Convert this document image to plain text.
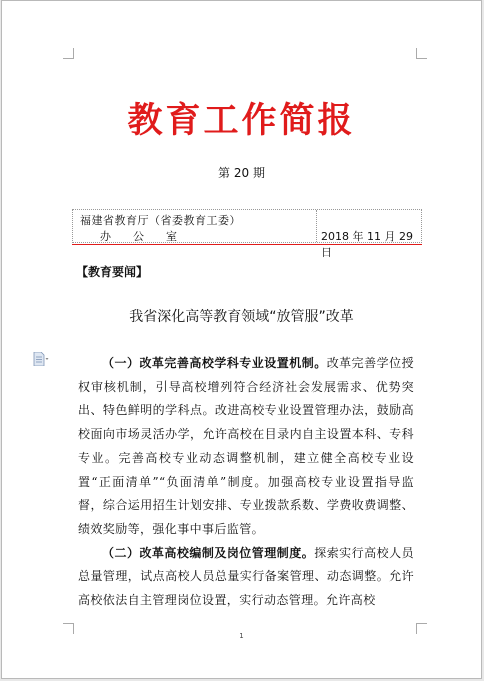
教育工作简报
第 20 期
福建省教育厅（省委教育工委）
办公室	2018 年 11 月 29 日
【教育要闻】
我省深化高等教育领域“放管服”改革

（一）改革完善高校学科专业设置机制。改革完善学位授权审核机制，引导高校增列符合经济社会发展需求、优势突出、特色鲜明的学科点。改进高校专业设置管理办法，鼓励高校面向市场灵活办学，允许高校在目录内自主设置本科、专科专业。完善高校专业动态调整机制，建立健全高校专业设置“正面清单”“负面清单”制度。加强高校专业设置指导监督，综合运用招生计划安排、专业拨款系数、学费收费调整、绩效奖励等，强化事中事后监管。

（二）改革高校编制及岗位管理制度。探索实行高校人员总量管理，试点高校人员总量实行备案管理、动态调整。允许高校依法自主管理岗位设置，实行动态管理。允许高校

1
